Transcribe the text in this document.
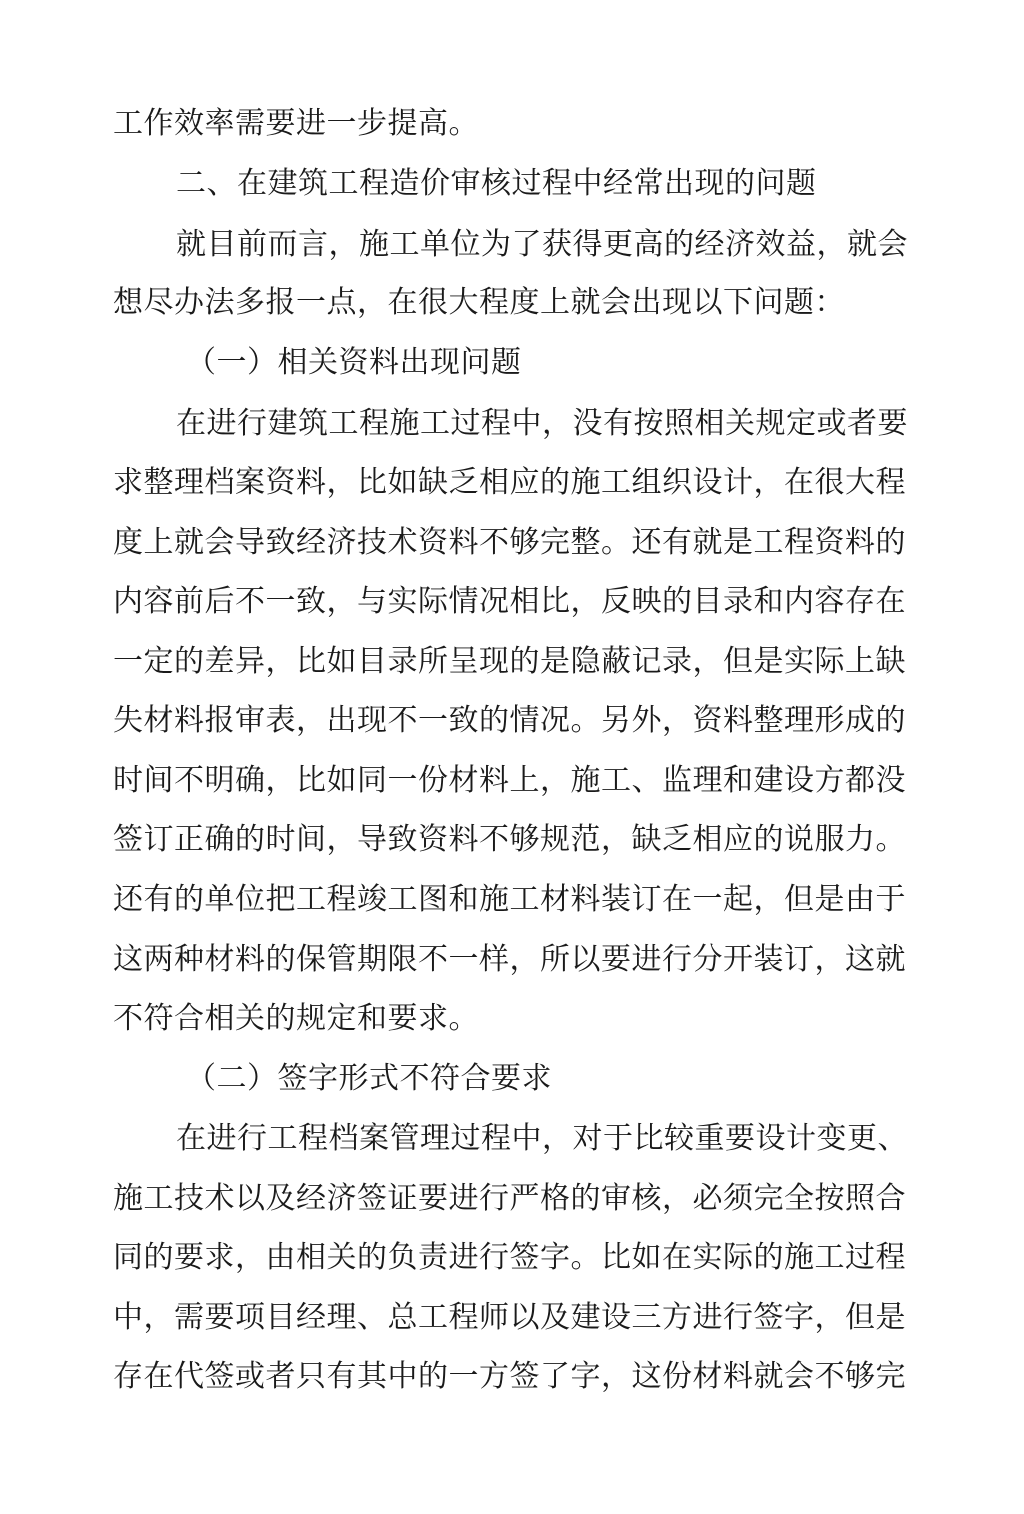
工作效率需要进一步提高。
二、在建筑工程造价审核过程中经常出现的问题
就目前而言，施工单位为了获得更高的经济效益，就会
想尽办法多报一点，在很大程度上就会出现以下问题：
（一）相关资料出现问题
在进行建筑工程施工过程中，没有按照相关规定或者要
求整理档案资料，比如缺乏相应的施工组织设计，在很大程
度上就会导致经济技术资料不够完整。还有就是工程资料的
内容前后不一致，与实际情况相比，反映的目录和内容存在
一定的差异，比如目录所呈现的是隐蔽记录，但是实际上缺
失材料报审表，出现不一致的情况。另外，资料整理形成的
时间不明确，比如同一份材料上，施工、监理和建设方都没
签订正确的时间，导致资料不够规范，缺乏相应的说服力。
还有的单位把工程竣工图和施工材料装订在一起，但是由于
这两种材料的保管期限不一样，所以要进行分开装订，这就
不符合相关的规定和要求。
（二）签字形式不符合要求
在进行工程档案管理过程中，对于比较重要设计变更、
施工技术以及经济签证要进行严格的审核，必须完全按照合
同的要求，由相关的负责进行签字。比如在实际的施工过程
中，需要项目经理、总工程师以及建设三方进行签字，但是
存在代签或者只有其中的一方签了字，这份材料就会不够完
